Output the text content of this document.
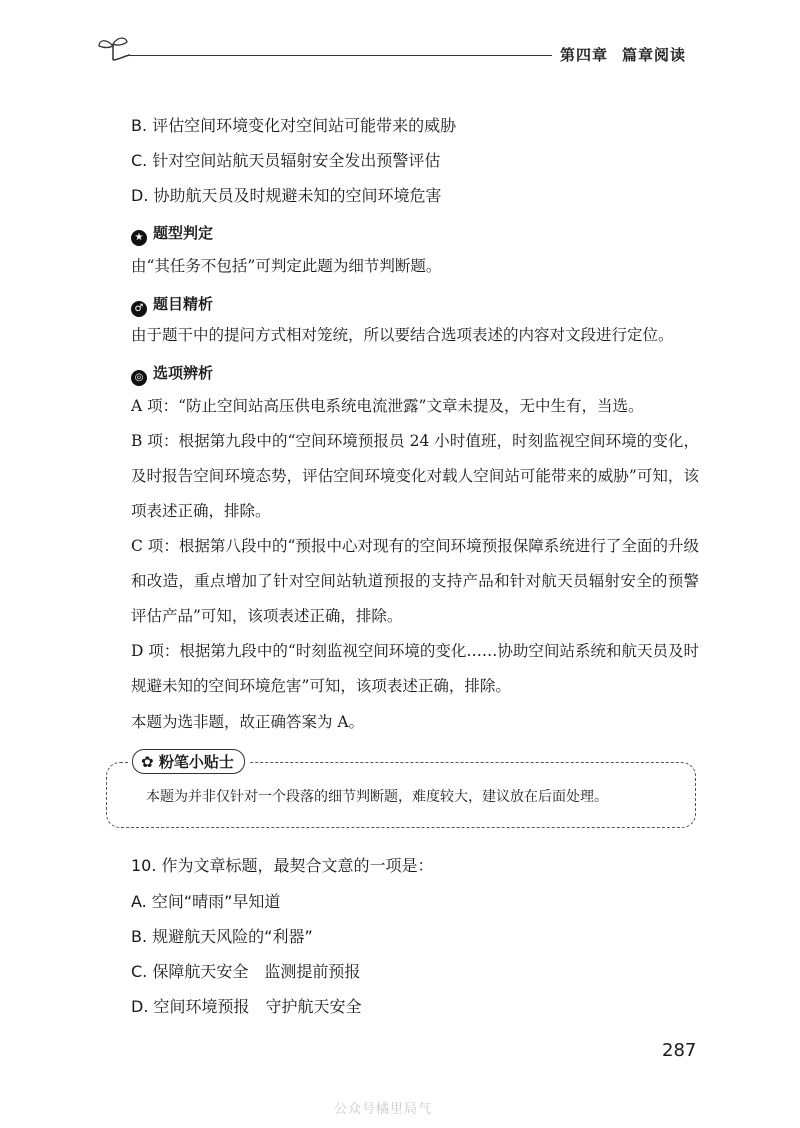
第四章 篇章阅读
B. 评估空间环境变化对空间站可能带来的威胁
C. 针对空间站航天员辐射安全发出预警评估
D. 协助航天员及时规避未知的空间环境危害
★ 题型判定
由“其任务不包括”可判定此题为细节判断题。
♂ 题目精析
由于题干中的提问方式相对笼统，所以要结合选项表述的内容对文段进行定位。
◎ 选项辨析
A 项：“防止空间站高压供电系统电流泄露”文章未提及，无中生有，当选。
B 项：根据第九段中的“空间环境预报员 24 小时值班，时刻监视空间环境的变化，及时报告空间环境态势，评估空间环境变化对载人空间站可能带来的威胁”可知，该项表述正确，排除。
C 项：根据第八段中的“预报中心对现有的空间环境预报保障系统进行了全面的升级和改造，重点增加了针对空间站轨道预报的支持产品和针对航天员辐射安全的预警评估产品”可知，该项表述正确，排除。
D 项：根据第九段中的“时刻监视空间环境的变化……协助空间站系统和航天员及时规避未知的空间环境危害”可知，该项表述正确，排除。
本题为选非题，故正确答案为 A。
✿ 粉笔小贴士
本题为并非仅针对一个段落的细节判断题，难度较大，建议放在后面处理。
10. 作为文章标题，最契合文意的一项是：
A. 空间“晴雨”早知道
B. 规避航天风险的“利器”
C. 保障航天安全　监测提前预报
D. 空间环境预报　守护航天安全
287
公众号橘里局气
